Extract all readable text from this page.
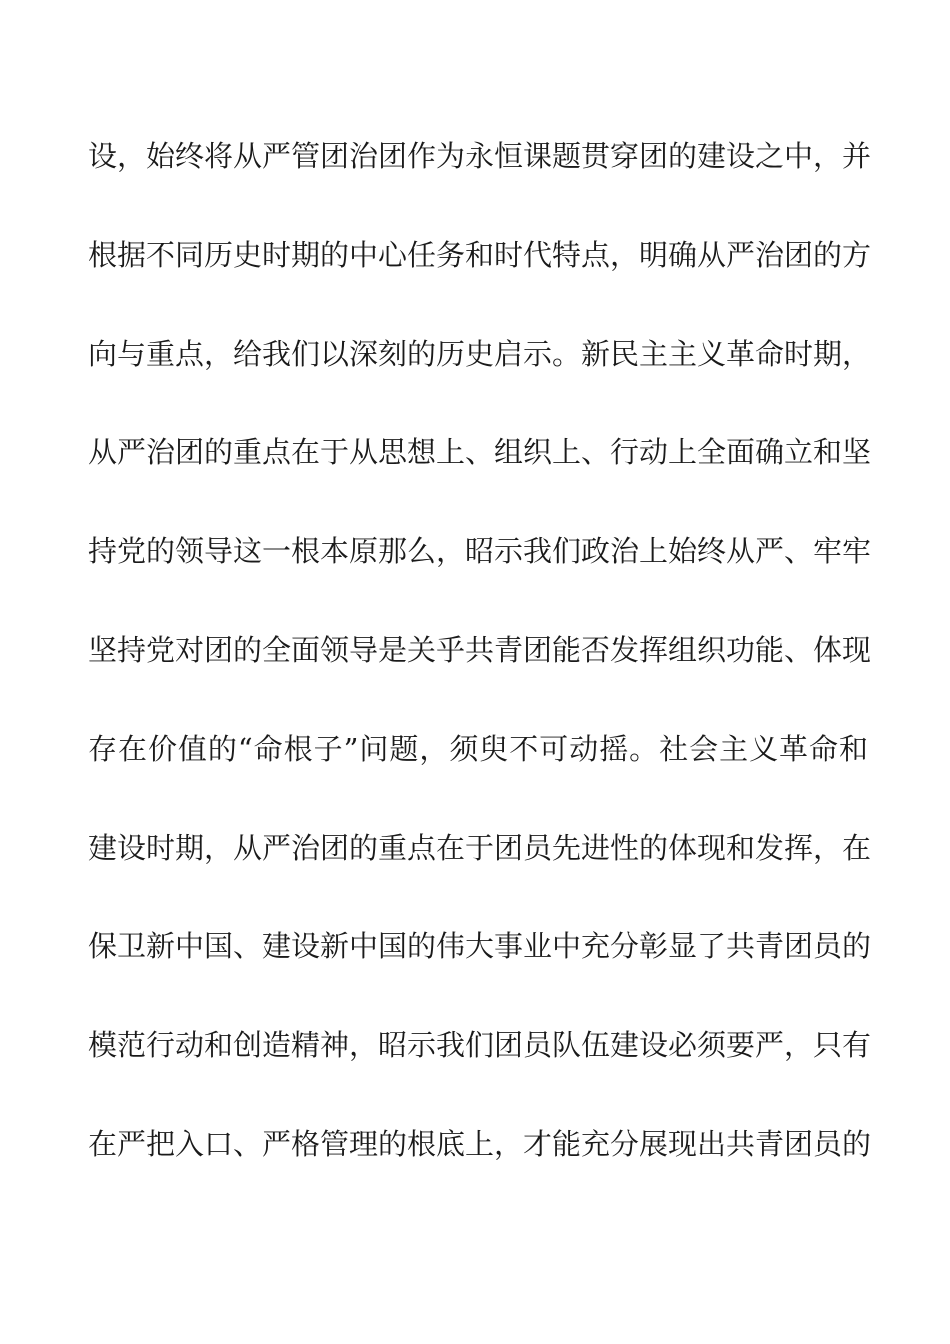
设，始终将从严管团治团作为永恒课题贯穿团的建设之中，并
根据不同历史时期的中心任务和时代特点，明确从严治团的方
向与重点，给我们以深刻的历史启示。新民主主义革命时期，
从严治团的重点在于从思想上、组织上、行动上全面确立和坚
持党的领导这一根本原那么，昭示我们政治上始终从严、牢牢
坚持党对团的全面领导是关乎共青团能否发挥组织功能、体现
存在价值的“命根子”问题，须臾不可动摇。社会主义革命和
建设时期，从严治团的重点在于团员先进性的体现和发挥，在
保卫新中国、建设新中国的伟大事业中充分彰显了共青团员的
模范行动和创造精神，昭示我们团员队伍建设必须要严，只有
在严把入口、严格管理的根底上，才能充分展现出共青团员的
